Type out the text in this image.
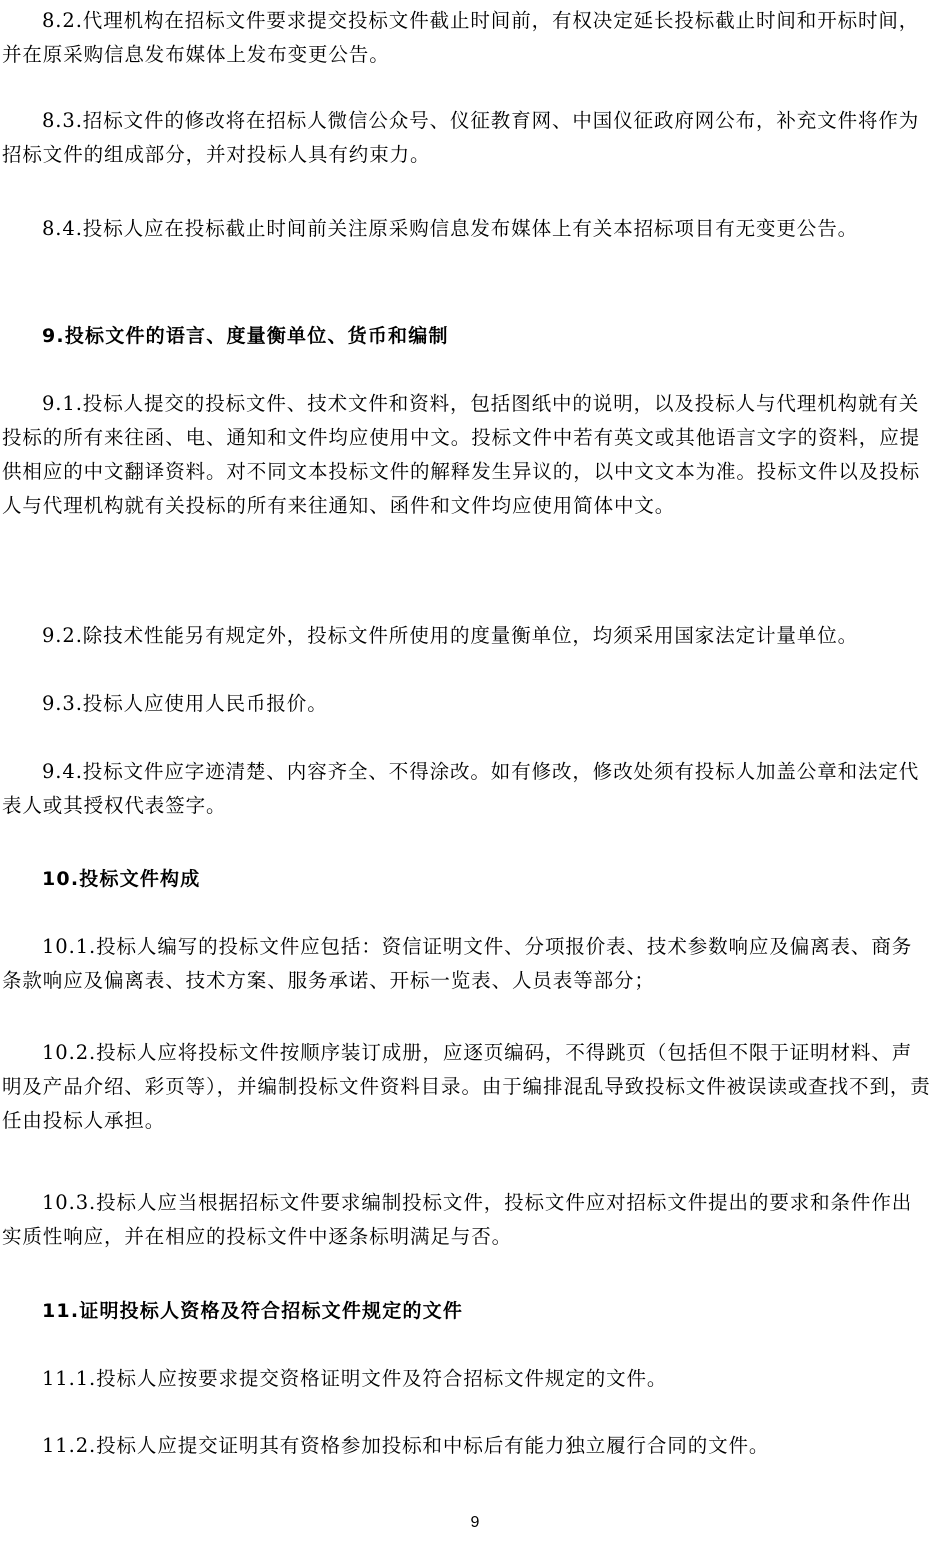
8.2.代理机构在招标文件要求提交投标文件截止时间前，有权决定延长投标截止时间和开标时间，并在原采购信息发布媒体上发布变更公告。

8.3.招标文件的修改将在招标人微信公众号、仪征教育网、中国仪征政府网公布，补充文件将作为招标文件的组成部分，并对投标人具有约束力。

8.4.投标人应在投标截止时间前关注原采购信息发布媒体上有关本招标项目有无变更公告。

9.投标文件的语言、度量衡单位、货币和编制

9.1.投标人提交的投标文件、技术文件和资料，包括图纸中的说明，以及投标人与代理机构就有关投标的所有来往函、电、通知和文件均应使用中文。投标文件中若有英文或其他语言文字的资料，应提供相应的中文翻译资料。对不同文本投标文件的解释发生异议的，以中文文本为准。投标文件以及投标人与代理机构就有关投标的所有来往通知、函件和文件均应使用简体中文。

9.2.除技术性能另有规定外，投标文件所使用的度量衡单位，均须采用国家法定计量单位。

9.3.投标人应使用人民币报价。

9.4.投标文件应字迹清楚、内容齐全、不得涂改。如有修改，修改处须有投标人加盖公章和法定代表人或其授权代表签字。

10.投标文件构成

10.1.投标人编写的投标文件应包括：资信证明文件、分项报价表、技术参数响应及偏离表、商务条款响应及偏离表、技术方案、服务承诺、开标一览表、人员表等部分；

10.2.投标人应将投标文件按顺序装订成册，应逐页编码，不得跳页（包括但不限于证明材料、声明及产品介绍、彩页等），并编制投标文件资料目录。由于编排混乱导致投标文件被误读或查找不到，责任由投标人承担。

10.3.投标人应当根据招标文件要求编制投标文件，投标文件应对招标文件提出的要求和条件作出实质性响应，并在相应的投标文件中逐条标明满足与否。

11.证明投标人资格及符合招标文件规定的文件

11.1.投标人应按要求提交资格证明文件及符合招标文件规定的文件。

11.2.投标人应提交证明其有资格参加投标和中标后有能力独立履行合同的文件。

9
